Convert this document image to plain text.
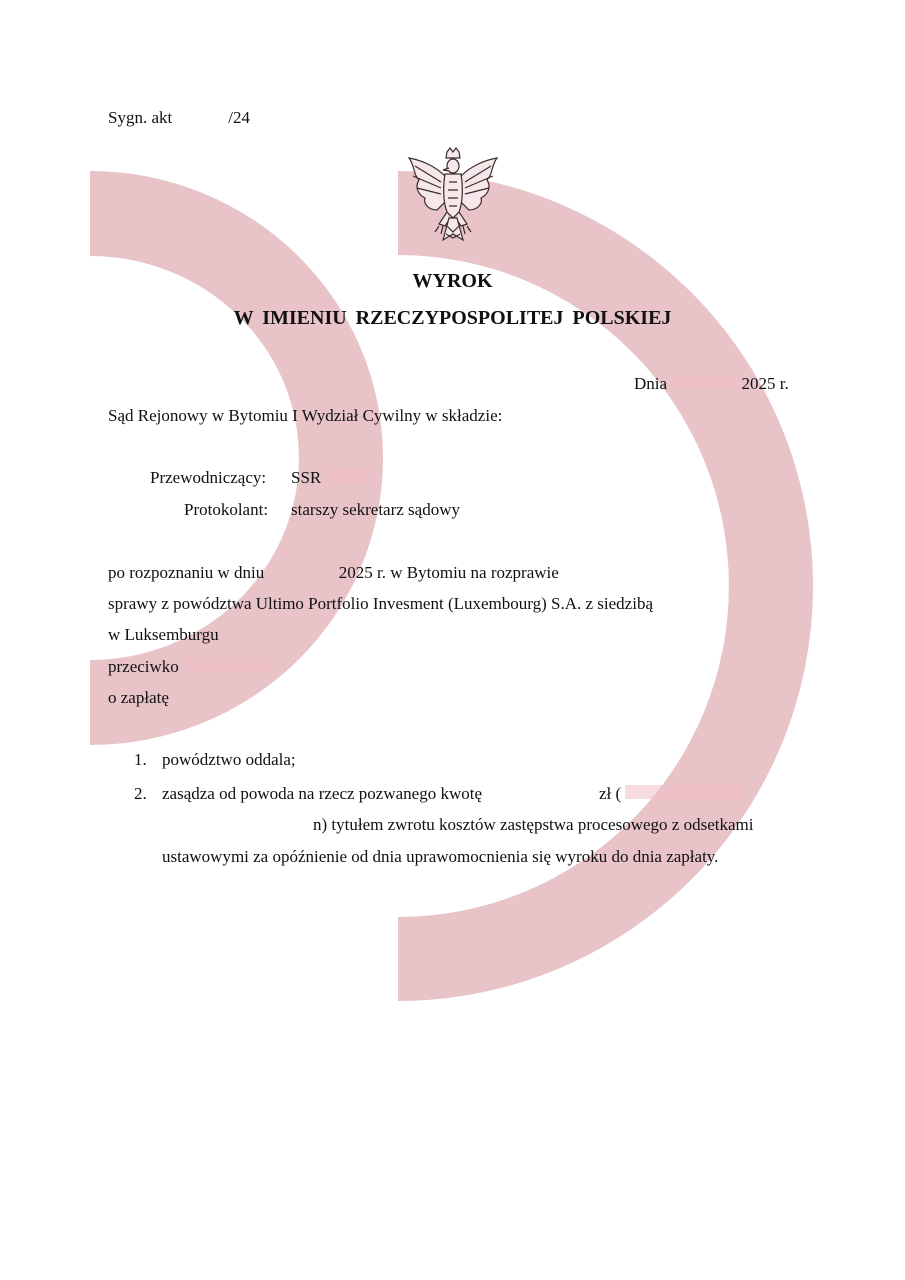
Sygn. akt	/24
WYROK
W IMIENIU RZECZYPOSPOLITEJ POLSKIEJ
Dnia	2025 r.
Sąd Rejonowy w Bytomiu I Wydział Cywilny w składzie:
Przewodniczący: SSR
Protokolant: starszy sekretarz sądowy
po rozpoznaniu w dniu	2025 r. w Bytomiu na rozprawie
sprawy z powództwa Ultimo Portfolio Invesment (Luxembourg) S.A. z siedzibą
w Luksemburgu
przeciwko
o zapłatę
1. powództwo oddala;
2. zasądza od powoda na rzecz pozwanego kwotę	zł (
n) tytułem zwrotu kosztów zastępstwa procesowego z odsetkami
ustawowymi za opóźnienie od dnia uprawomocnienia się wyroku do dnia zapłaty.
